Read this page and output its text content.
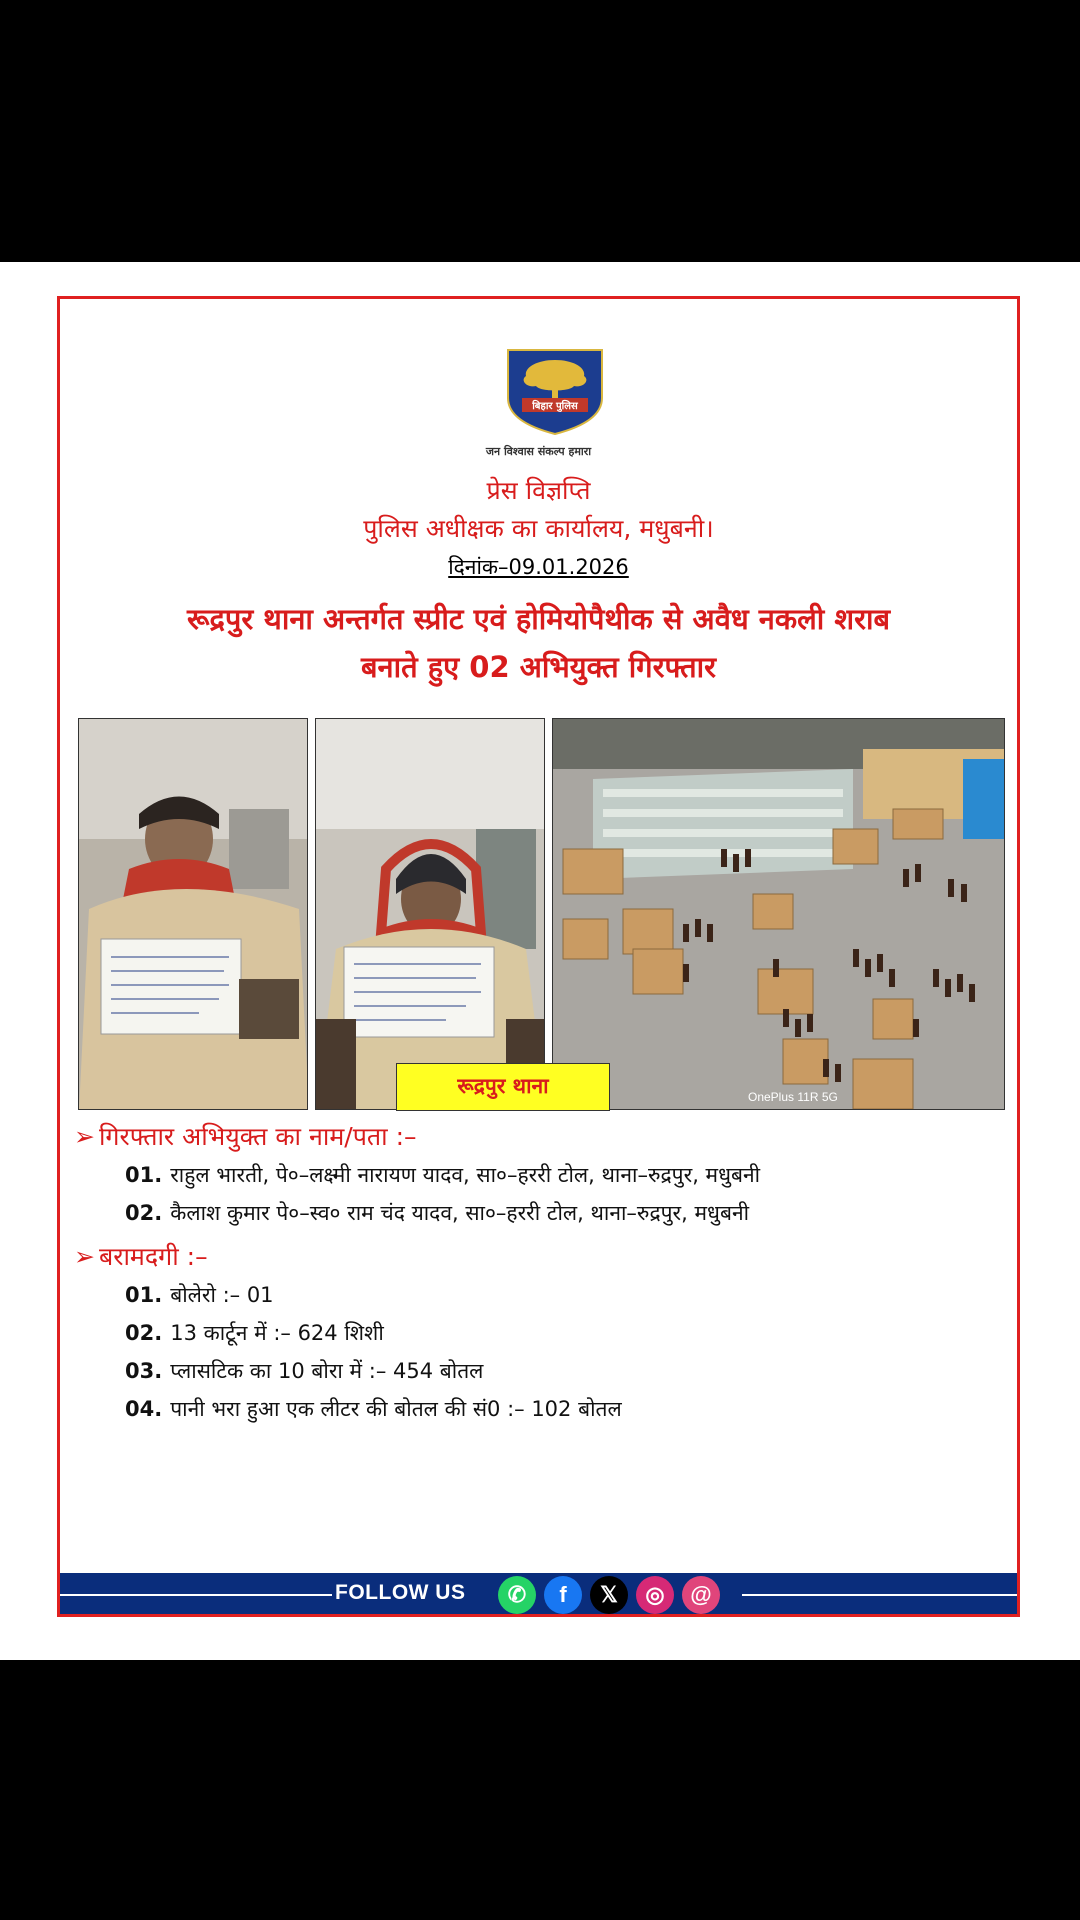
बिहार पुलिस
जन विश्वास संकल्प हमारा
प्रेस विज्ञप्ति
पुलिस अधीक्षक का कार्यालय, मधुबनी।
दिनांक–09.01.2026
रूद्रपुर थाना अन्तर्गत स्प्रीट एवं होमियोपैथीक से अवैध नकली शराब
बनाते हुए 02 अभियुक्त गिरफ्तार
OnePlus 11R 5G
रूद्रपुर थाना
➢ गिरफ्तार अभियुक्त का नाम/पता :–
01. राहुल भारती, पे०–लक्ष्मी नारायण यादव, सा०–हररी टोल, थाना–रुद्रपुर, मधुबनी
02. कैलाश कुमार पे०–स्व० राम चंद यादव, सा०–हररी टोल, थाना–रुद्रपुर, मधुबनी
➢ बरामदगी :–
01. बोलेरो :– 01
02. 13 कार्टून में :– 624 शिशी
03. प्लासटिक का 10 बोरा में :– 454 बोतल
04. पानी भरा हुआ एक लीटर की बोतल की सं0 :– 102 बोतल
FOLLOW US	✆	f	𝕏	◎	@
